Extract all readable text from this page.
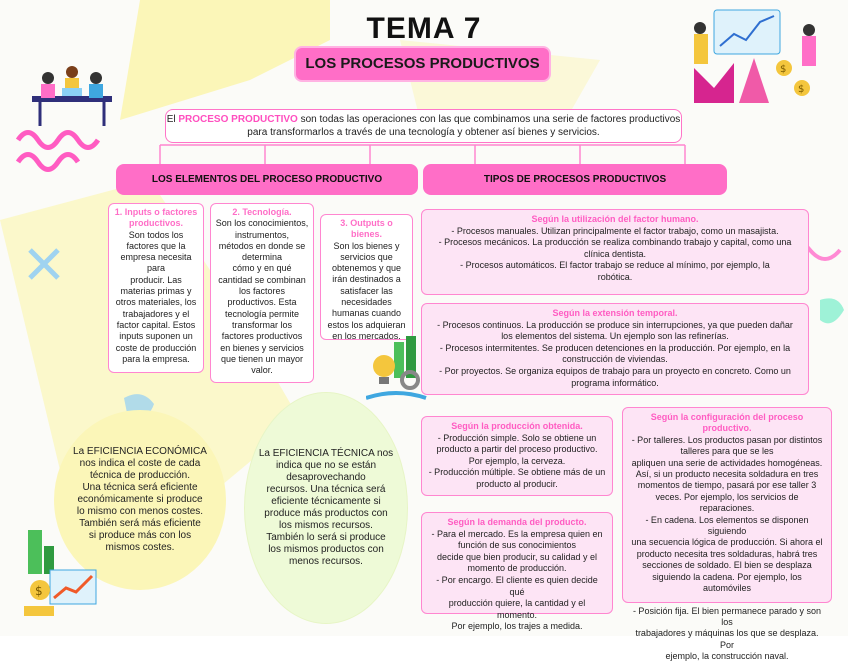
TEMA 7
LOS PROCESOS PRODUCTIVOS
El PROCESO PRODUCTIVO son todas las operaciones con las que combinamos una serie de factores productivos
para transformarlos a través de una tecnología y obtener así bienes y servicios.
LOS ELEMENTOS DEL PROCESO PRODUCTIVO	TIPOS DE PROCESOS PRODUCTIVOS
1. Inputs o factores
productivos.
Son todos los
factores que la
empresa necesita
para
producir. Las
materias primas y
otros materiales, los
trabajadores y el
factor capital. Estos
inputs suponen un
coste de producción
para la empresa.
2. Tecnología.
Son los conocimientos,
instrumentos,
métodos en donde se
determina
cómo y en qué
cantidad se combinan
los factores
productivos. Esta
tecnología permite
transformar los
factores productivos
en bienes y servicios
que tienen un mayor
valor.
3. Outputs o bienes.
Son los bienes y
servicios que
obtenemos y que
irán destinados a
satisfacer las
necesidades
humanas cuando
estos los adquieran
en los mercados.
Según la utilización del factor humano.
- Procesos manuales. Utilizan principalmente el factor trabajo, como un masajista.
- Procesos mecánicos. La producción se realiza combinando trabajo y capital, como una
clínica dentista.
- Procesos automáticos. El factor trabajo se reduce al mínimo, por ejemplo, la
robótica.
Según la extensión temporal.
- Procesos continuos. La producción se produce sin interrupciones, ya que pueden dañar
los elementos del sistema. Un ejemplo son las refinerías.
- Procesos intermitentes. Se producen detenciones en la producción. Por ejemplo, en la
construcción de viviendas.
- Por proyectos. Se organiza equipos de trabajo para un proyecto en concreto. Como un
programa informático.
Según la producción obtenida.
- Producción simple. Solo se obtiene un
producto a partir del proceso productivo.
Por ejemplo, la cerveza.
- Producción múltiple. Se obtiene más de un
producto al producir.
Según la demanda del producto.
- Para el mercado. Es la empresa quien en
función de sus conocimientos
decide que bien producir, su calidad y el
momento de producción.
- Por encargo. El cliente es quien decide qué
producción quiere, la cantidad y el momento.
Por ejemplo, los trajes a medida.
Según la configuración del proceso productivo.
- Por talleres. Los productos pasan por distintos
talleres para que se les
apliquen una serie de actividades homogéneas.
Así, si un producto necesita soldadura en tres
momentos de tiempo, pasará por ese taller 3
veces. Por ejemplo, los servicios de reparaciones.
- En cadena. Los elementos se disponen siguiendo
una secuencia lógica de producción. Si ahora el
producto necesita tres soldaduras, habrá tres
secciones de soldado. El bien se desplaza
siguiendo la cadena. Por ejemplo, los automóviles
- Posición fija. El bien permanece parado y son los
trabajadores y máquinas los que se desplaza. Por
ejemplo, la construcción naval.
La EFICIENCIA ECONÓMICA
nos indica el coste de cada
técnica de producción.
Una técnica será eficiente
económicamente si produce
lo mismo con menos costes.
También será más eficiente
si produce más con los
mismos costes.
La EFICIENCIA TÉCNICA nos
indica que no se están
desaprovechando
recursos. Una técnica será
eficiente técnicamente si
produce más productos con
los mismos recursos.
También lo será si produce
los mismos productos con
menos recursos.
$
$
$
